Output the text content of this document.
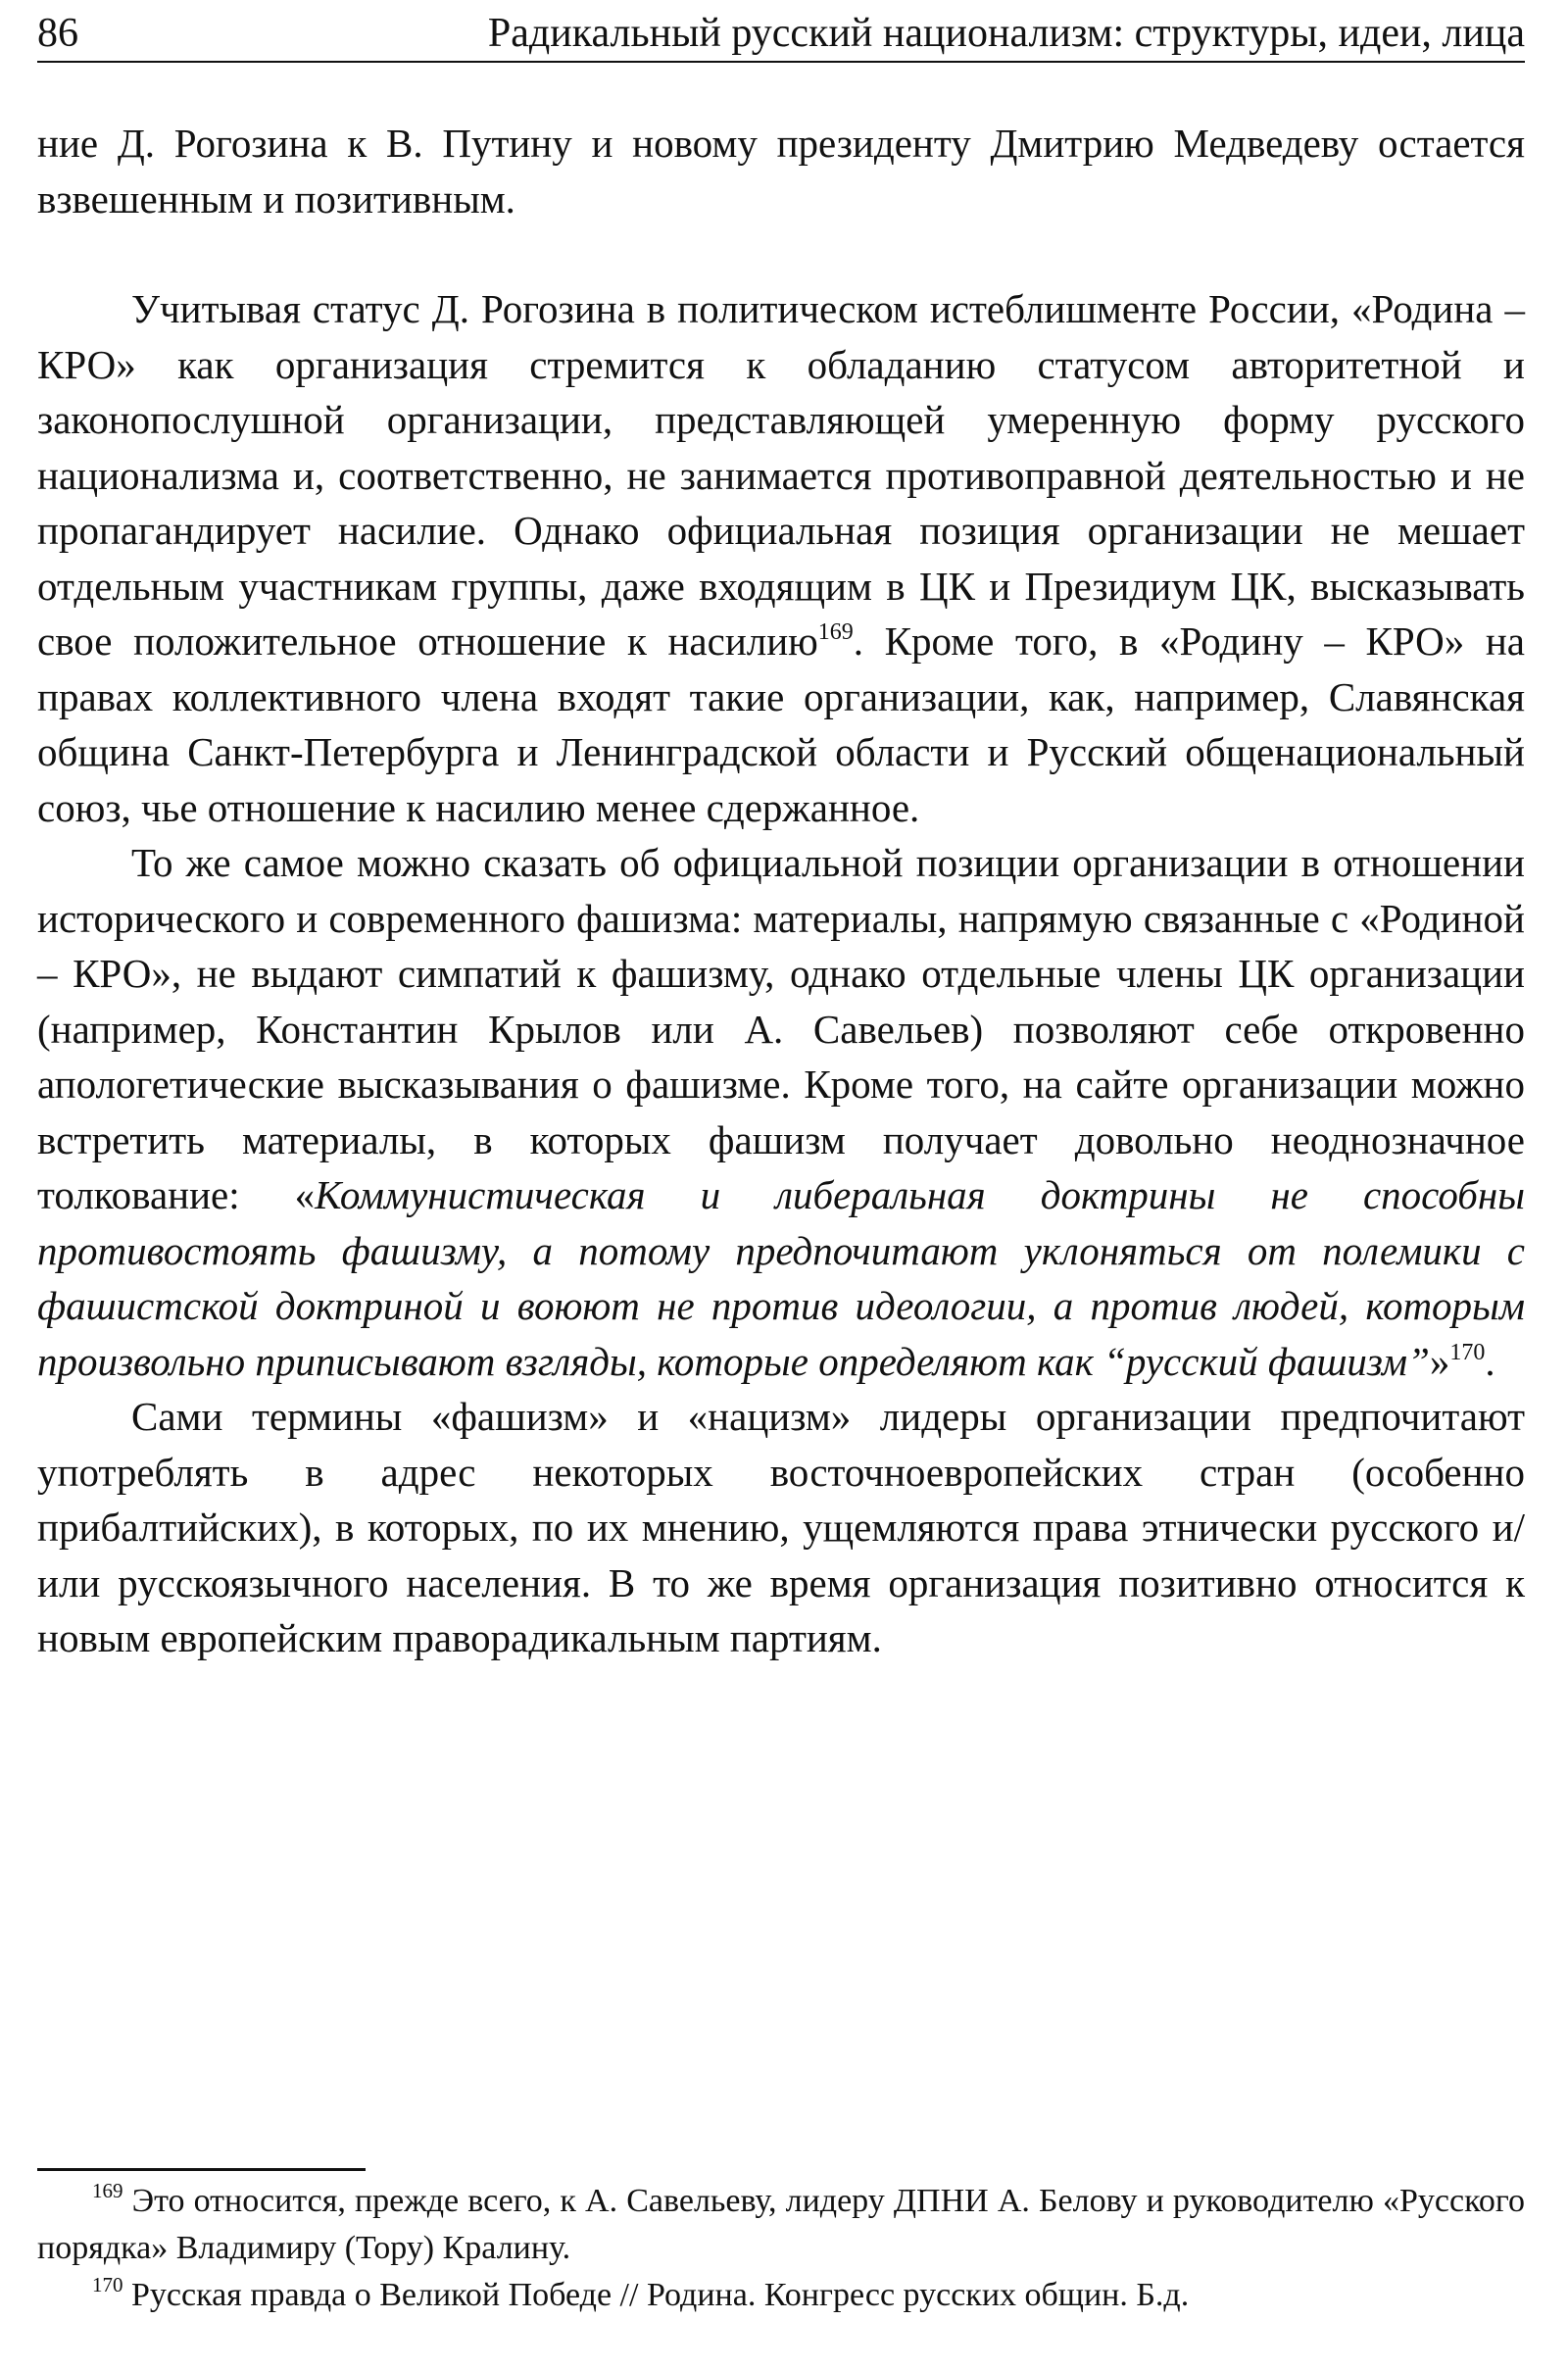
86	Радикальный русский национализм: структуры, идеи, лица

ние Д. Рогозина к В. Путину и новому президенту Дмитрию Медведеву остается взвешенным и позитивным.

Учитывая статус Д. Рогозина в политическом истеблишменте России, «Родина – КРО» как организация стремится к обладанию статусом авторитетной и законопослушной организации, представляющей умеренную форму русского национализма и, соответственно, не занимается противоправной деятельностью и не пропагандирует насилие. Однако официальная позиция организации не мешает отдельным участникам группы, даже входящим в ЦК и Президиум ЦК, высказывать свое положительное отношение к насилию$^{169}$. Кроме того, в «Родину – КРО» на правах коллективного члена входят такие организации, как, например, Славянская община Санкт-Петербурга и Ленинградской области и Русский общенациональный союз, чье отношение к насилию менее сдержанное.

То же самое можно сказать об официальной позиции организации в отношении исторического и современного фашизма: материалы, напрямую связанные с «Родиной – КРО», не выдают симпатий к фашизму, однако отдельные члены ЦК организации (например, Константин Крылов или А. Савельев) позволяют себе откровенно апологетические высказывания о фашизме. Кроме того, на сайте организации можно встретить материалы, в которых фашизм получает довольно неоднозначное толкование: «Коммунистическая и либеральная доктрины не способны противостоять фашизму, а потому предпочитают уклоняться от полемики с фашистской доктриной и воюют не против идеологии, а против людей, которым произвольно приписывают взгляды, которые определяют как “русский фашизм”»$^{170}$.

Сами термины «фашизм» и «нацизм» лидеры организации предпочитают употреблять в адрес некоторых восточноевропейских стран (особенно прибалтийских), в которых, по их мнению, ущемляются права этнически русского и/или русскоязычного населения. В то же время организация позитивно относится к новым европейским праворадикальным партиям.

$^{169}$ Это относится, прежде всего, к А. Савельеву, лидеру ДПНИ А. Белову и руководителю «Русского порядка» Владимиру (Тору) Кралину.

$^{170}$ Русская правда о Великой Победе // Родина. Конгресс русских общин. Б.д.
